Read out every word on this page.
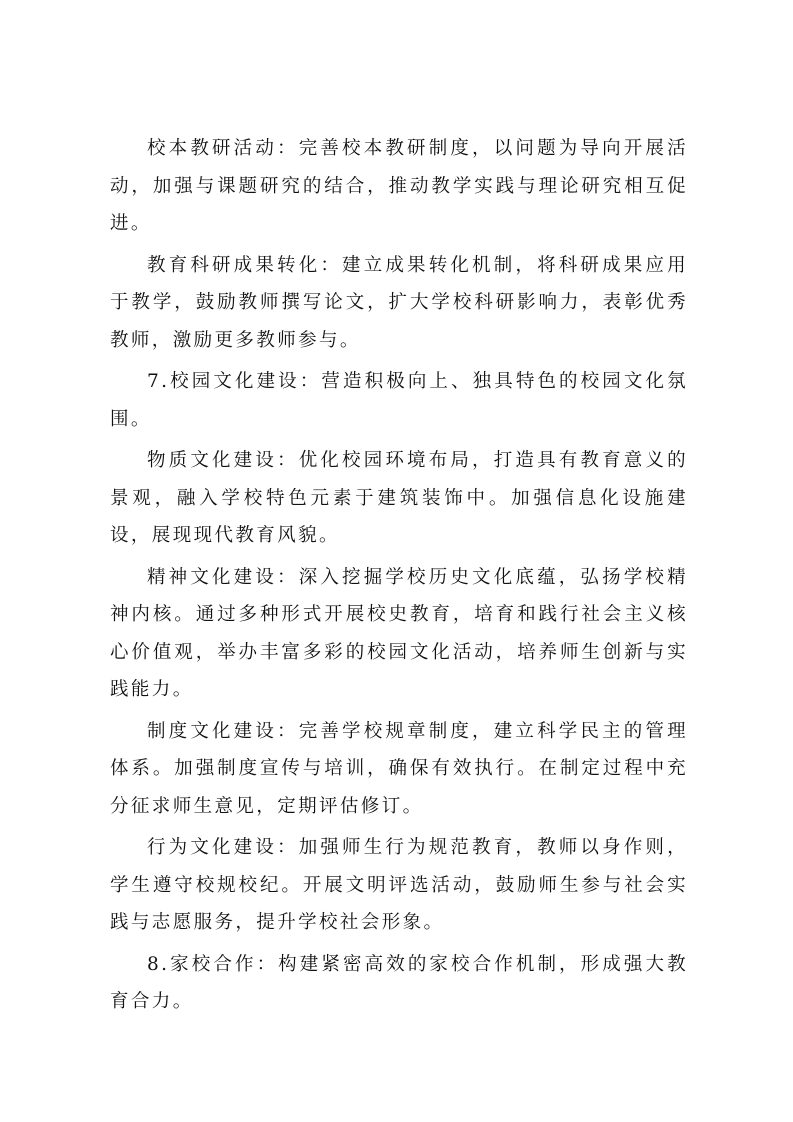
校本教研活动：完善校本教研制度，以问题为导向开展活动，加强与课题研究的结合，推动教学实践与理论研究相互促进。

教育科研成果转化：建立成果转化机制，将科研成果应用于教学，鼓励教师撰写论文，扩大学校科研影响力，表彰优秀教师，激励更多教师参与。

7.校园文化建设：营造积极向上、独具特色的校园文化氛围。

物质文化建设：优化校园环境布局，打造具有教育意义的景观，融入学校特色元素于建筑装饰中。加强信息化设施建设，展现现代教育风貌。

精神文化建设：深入挖掘学校历史文化底蕴，弘扬学校精神内核。通过多种形式开展校史教育，培育和践行社会主义核心价值观，举办丰富多彩的校园文化活动，培养师生创新与实践能力。

制度文化建设：完善学校规章制度，建立科学民主的管理体系。加强制度宣传与培训，确保有效执行。在制定过程中充分征求师生意见，定期评估修订。

行为文化建设：加强师生行为规范教育，教师以身作则，学生遵守校规校纪。开展文明评选活动，鼓励师生参与社会实践与志愿服务，提升学校社会形象。

8.家校合作：构建紧密高效的家校合作机制，形成强大教育合力。
